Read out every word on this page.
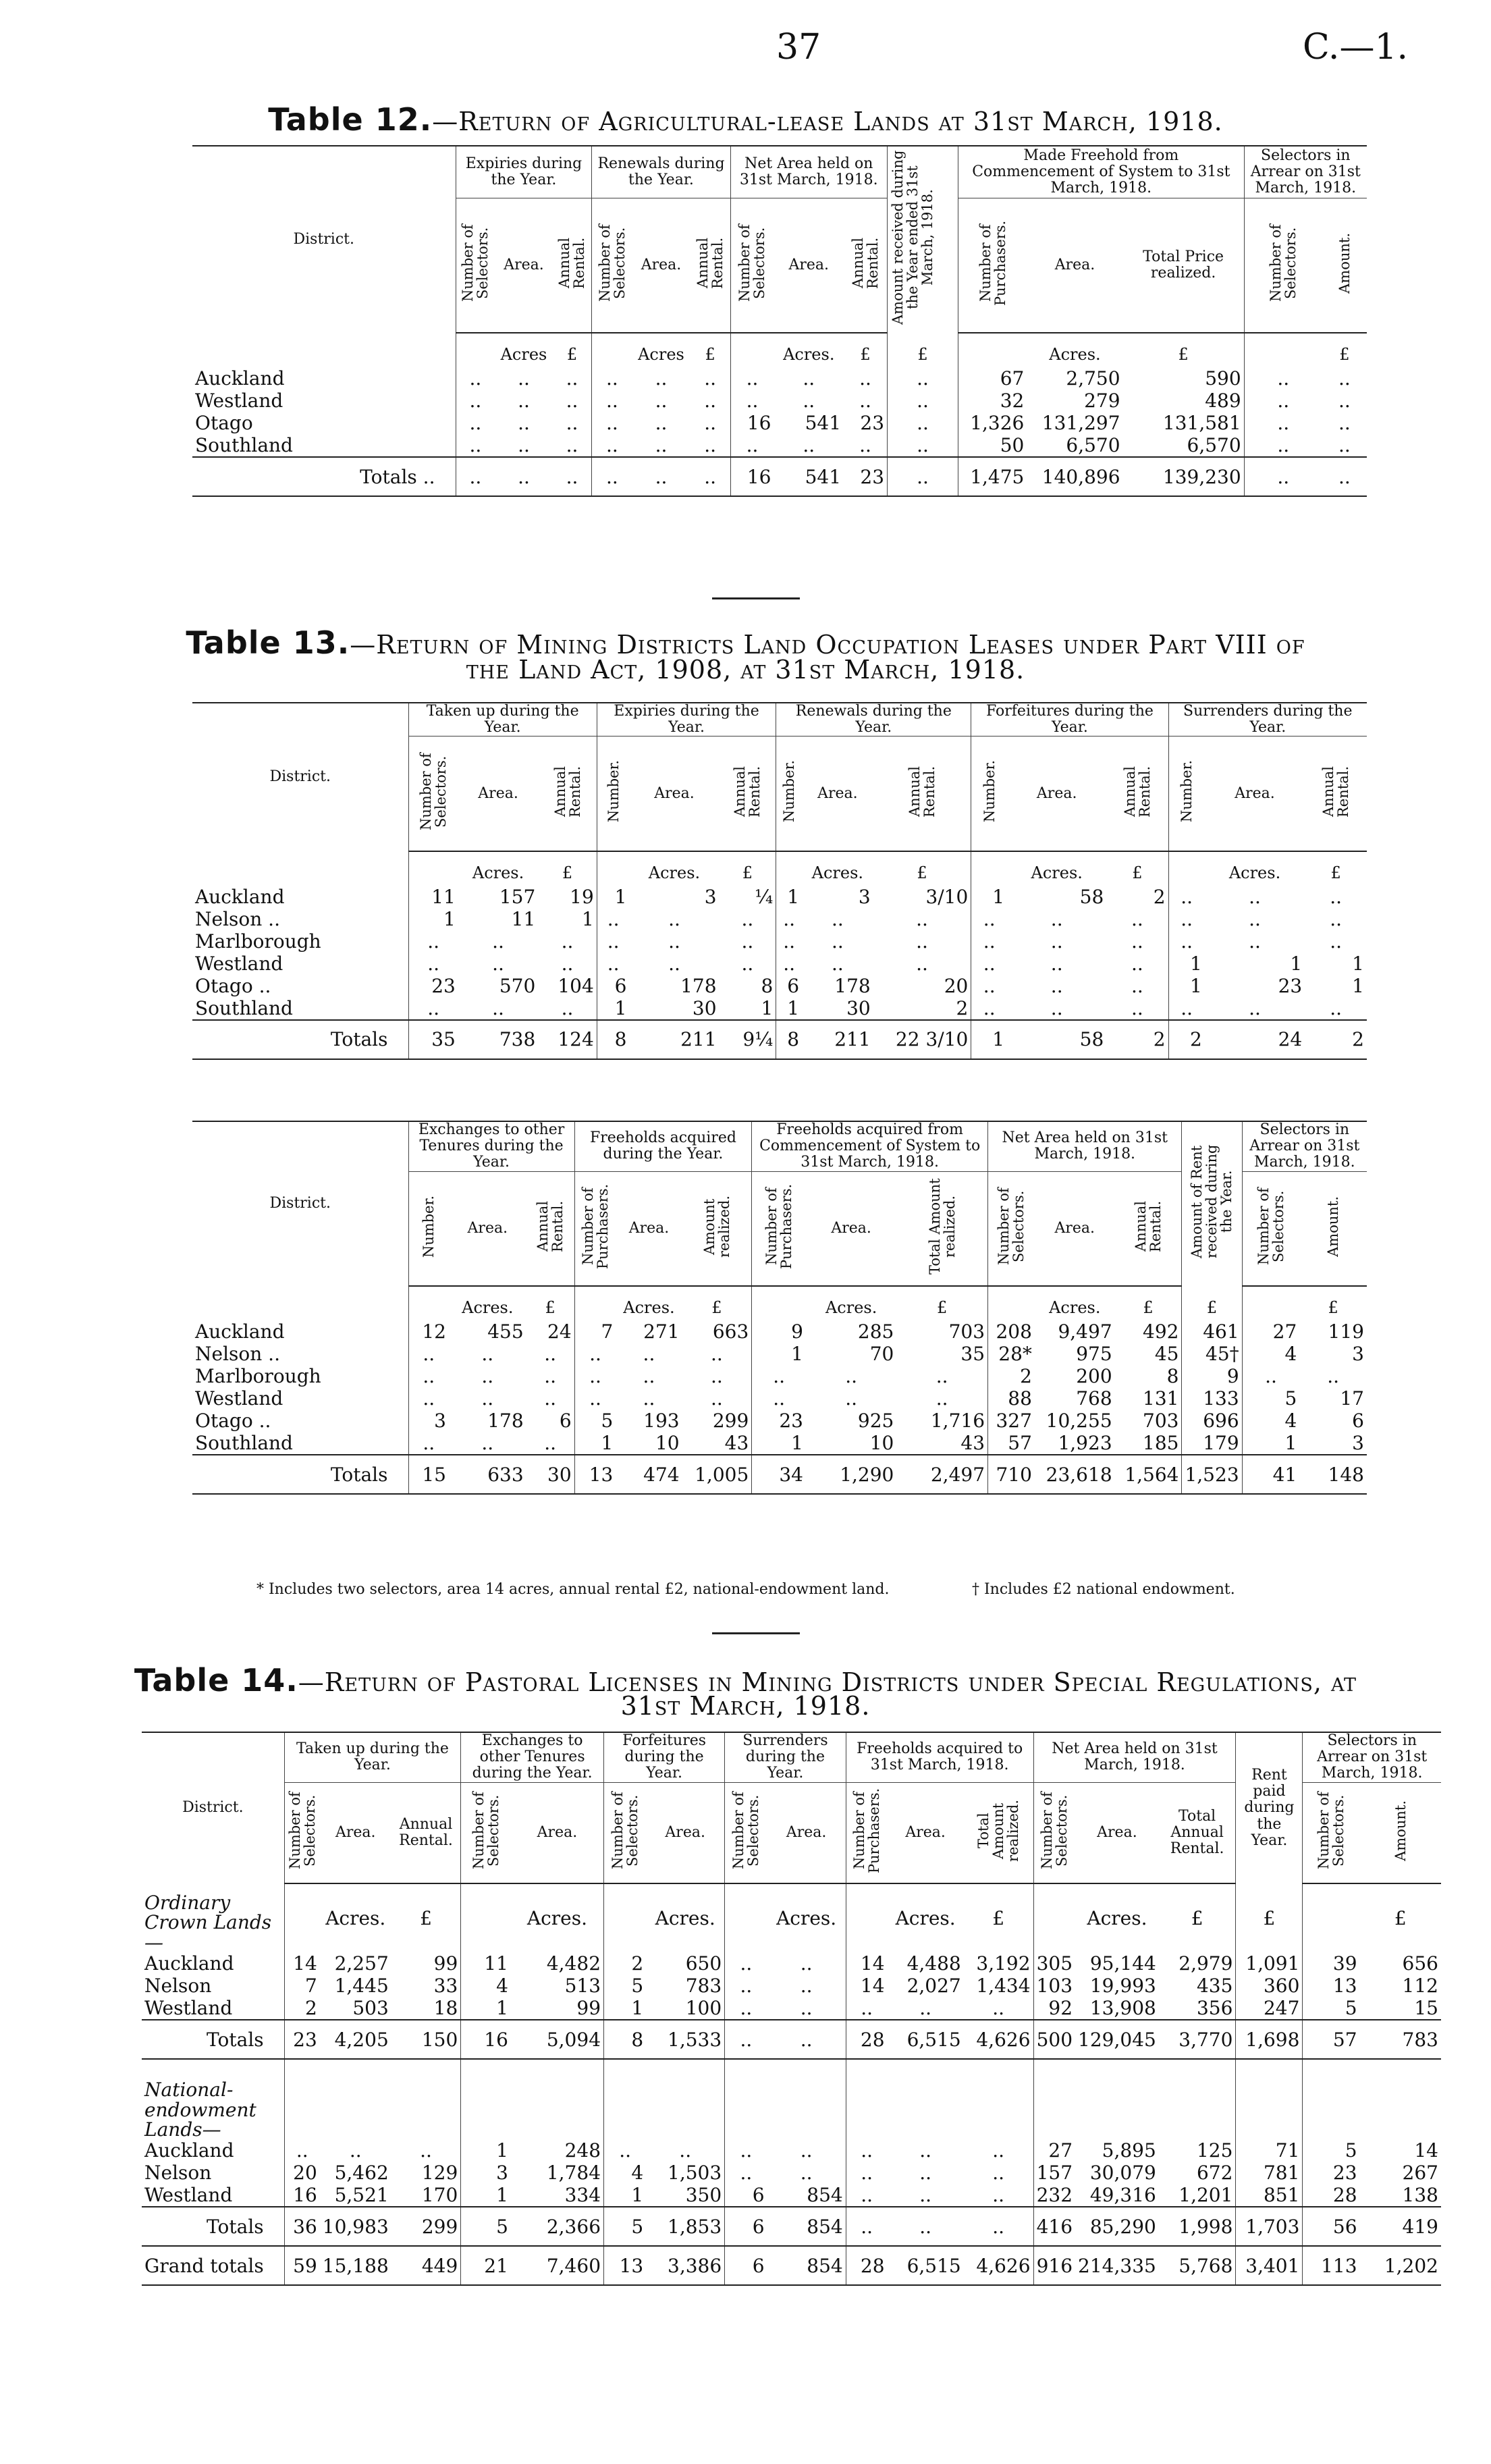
37	C.—1.
Table 12.—Return of Agricultural-lease Lands at 31st March, 1918.
District.	Expiries during the Year.			Renewals during the Year.			Net Area held on 31st March, 1918.			Amount received during the Year ended 31st March, 1918.	Made Freehold from Commencement of System to 31st March, 1918.			Selectors in Arrear on 31st March, 1918.	
	Number of Selectors.	Area.	Annual Rental.	Number of Selectors.	Area.	Annual Rental.	Number of Selectors.	Area.	Annual Rental.		Number of Purchasers.	Area.	Total Price realized.	Number of Selectors.	Amount.
		Acres	£		Acres	£		Acres.	£	£		Acres.	£		£
Auckland	..	..	..	..	..	..	..	..	..	..	67	2,750	590	..	..
Westland	..	..	..	..	..	..	..	..	..	..	32	279	489	..	..
Otago	..	..	..	..	..	..	16	541	23	..	1,326	131,297	131,581	..	..
Southland	..	..	..	..	..	..	..	..	..	..	50	6,570	6,570	..	..
Totals ..	..	..	..	..	..	..	16	541	23	..	1,475	140,896	139,230	..	..
Table 13.—Return of Mining Districts Land Occupation Leases under Part VIII of
the Land Act, 1908, at 31st March, 1918.
District.	Taken up during the Year.			Expiries during the Year.			Renewals during the Year.			Forfeitures during the Year.			Surrenders during the Year.		
	Number of Selectors.	Area.	Annual Rental.	Number.	Area.	Annual Rental.	Number.	Area.	Annual Rental.	Number.	Area.	Annual Rental.	Number.	Area.	Annual Rental.
		Acres.	£		Acres.	£		Acres.	£		Acres.	£		Acres.	£
Auckland	11	157	19	1	3	¼	1	3	3/10	1	58	2	..	..	..
Nelson ..	1	11	1	..	..	..	..	..	..	..	..	..	..	..	..
Marlborough	..	..	..	..	..	..	..	..	..	..	..	..	..	..	..
Westland	..	..	..	..	..	..	..	..	..	..	..	..	1	1	1
Otago ..	23	570	104	6	178	8	6	178	20	..	..	..	1	23	1
Southland	..	..	..	1	30	1	1	30	2	..	..	..	..	..	..
Totals	35	738	124	8	211	9¼	8	211	22 3/10	1	58	2	2	24	2
District.	Exchanges to other Tenures during the Year.			Freeholds acquired during the Year.			Freeholds acquired from Commencement of System to 31st March, 1918.			Net Area held on 31st March, 1918.			Amount of Rent received during the Year.	Selectors in Arrear on 31st March, 1918.	
	Number.	Area.	Annual Rental.	Number of Purchasers.	Area.	Amount realized.	Number of Purchasers.	Area.	Total Amount realized.	Number of Selectors.	Area.	Annual Rental.		Number of Selectors.	Amount.
		Acres.	£		Acres.	£		Acres.	£		Acres.	£	£		£
Auckland	12	455	24	7	271	663	9	285	703	208	9,497	492	461	27	119
Nelson ..	..	..	..	..	..	..	1	70	35	28*	975	45	45†	4	3
Marlborough	..	..	..	..	..	..	..	..	..	2	200	8	9	..	..
Westland	..	..	..	..	..	..	..	..	..	88	768	131	133	5	17
Otago ..	3	178	6	5	193	299	23	925	1,716	327	10,255	703	696	4	6
Southland	..	..	..	1	10	43	1	10	43	57	1,923	185	179	1	3
Totals	15	633	30	13	474	1,005	34	1,290	2,497	710	23,618	1,564	1,523	41	148
* Includes two selectors, area 14 acres, annual rental £2, national-endowment land.	† Includes £2 national endowment.
Table 14.—Return of Pastoral Licenses in Mining Districts under Special Regulations, at
31st March, 1918.
District.	Taken up during the Year.			Exchanges to other Tenures during the Year.		Forfeitures during the Year.		Surrenders during the Year.		Freeholds acquired to 31st March, 1918.			Net Area held on 31st March, 1918.			Rent paid during the Year.	Selectors in Arrear on 31st March, 1918.	
	Number of Selectors.	Area.	Annual Rental.	Number of Selectors.	Area.	Number of Selectors.	Area.	Number of Selectors.	Area.	Number of Purchasers.	Area.	Total Amount realized.	Number of Selectors.	Area.	Total Annual Rental.		Number of Selectors.	Amount.
Ordinary Crown Lands—		Acres.	£		Acres.		Acres.		Acres.		Acres.	£		Acres.	£	£		£
Auckland	14	2,257	99	11	4,482	2	650	..	..	14	4,488	3,192	305	95,144	2,979	1,091	39	656
Nelson	7	1,445	33	4	513	5	783	..	..	14	2,027	1,434	103	19,993	435	360	13	112
Westland	2	503	18	1	99	1	100	..	..	..	..	..	92	13,908	356	247	5	15
Totals	23	4,205	150	16	5,094	8	1,533	..	..	28	6,515	4,626	500	129,045	3,770	1,698	57	783
National-endowment Lands—																		
Auckland	..	..	..	1	248	..	..	..	..	..	..	..	27	5,895	125	71	5	14
Nelson	20	5,462	129	3	1,784	4	1,503	..	..	..	..	..	157	30,079	672	781	23	267
Westland	16	5,521	170	1	334	1	350	6	854	..	..	..	232	49,316	1,201	851	28	138
Totals	36	10,983	299	5	2,366	5	1,853	6	854	..	..	..	416	85,290	1,998	1,703	56	419
Grand totals	59	15,188	449	21	7,460	13	3,386	6	854	28	6,515	4,626	916	214,335	5,768	3,401	113	1,202
